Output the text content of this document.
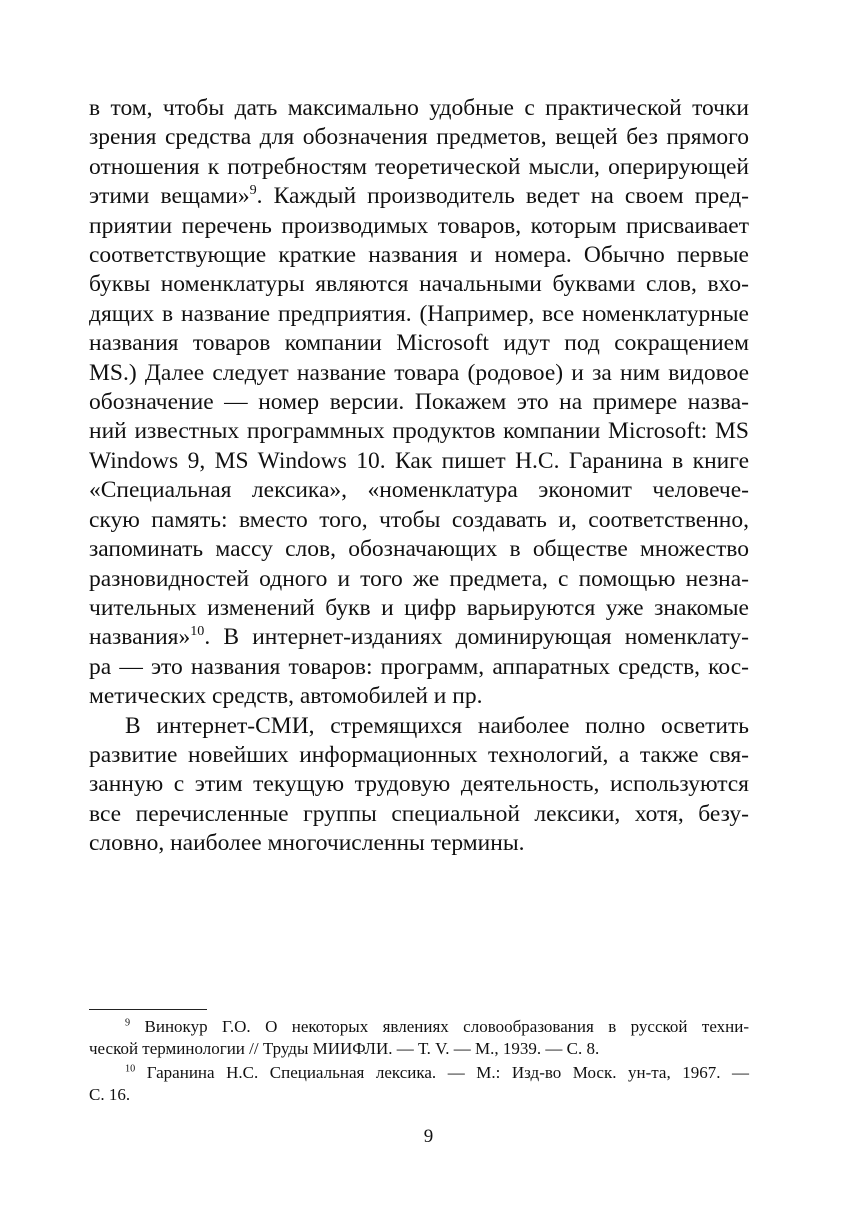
в том, чтобы дать максимально удобные с практической точки
зрения средства для обозначения предметов, вещей без прямого
отношения к потребностям теоретической мысли, оперирующей
этими вещами»$^9$. Каждый производитель ведет на своем пред-
приятии перечень производимых товаров, которым присваивает
соответствующие краткие названия и номера. Обычно первые
буквы номенклатуры являются начальными буквами слов, вхо-
дящих в название предприятия. (Например, все номенклатурные
названия товаров компании Microsoft идут под сокращением
MS.) Далее следует название товара (родовое) и за ним видовое
обозначение — номер версии. Покажем это на примере назва-
ний известных программных продуктов компании Microsoft: MS
Windows 9, MS Windows 10. Как пишет Н.С. Гаранина в книге
«Специальная лексика», «номенклатура экономит человече-
скую память: вместо того, чтобы создавать и, соответственно,
запоминать массу слов, обозначающих в обществе множество
разновидностей одного и того же предмета, с помощью незна-
чительных изменений букв и цифр варьируются уже знакомые
названия»$^{10}$. В интернет-изданиях доминирующая номенклату-
ра — это названия товаров: программ, аппаратных средств, кос-
метических средств, автомобилей и пр.

В интернет-СМИ, стремящихся наиболее полно осветить
развитие новейших информационных технологий, а также свя-
занную с этим текущую трудовую деятельность, используются
все перечисленные группы специальной лексики, хотя, безу-
словно, наиболее многочисленны термины.

$^9$ Винокур Г.О. О некоторых явлениях словообразования в русской техни-
ческой терминологии // Труды МИИФЛИ. — Т. V. — М., 1939. — С. 8.
$^{10}$ Гаранина Н.С. Специальная лексика. — М.: Изд-во Моск. ун-та, 1967. —
С. 16.
9
